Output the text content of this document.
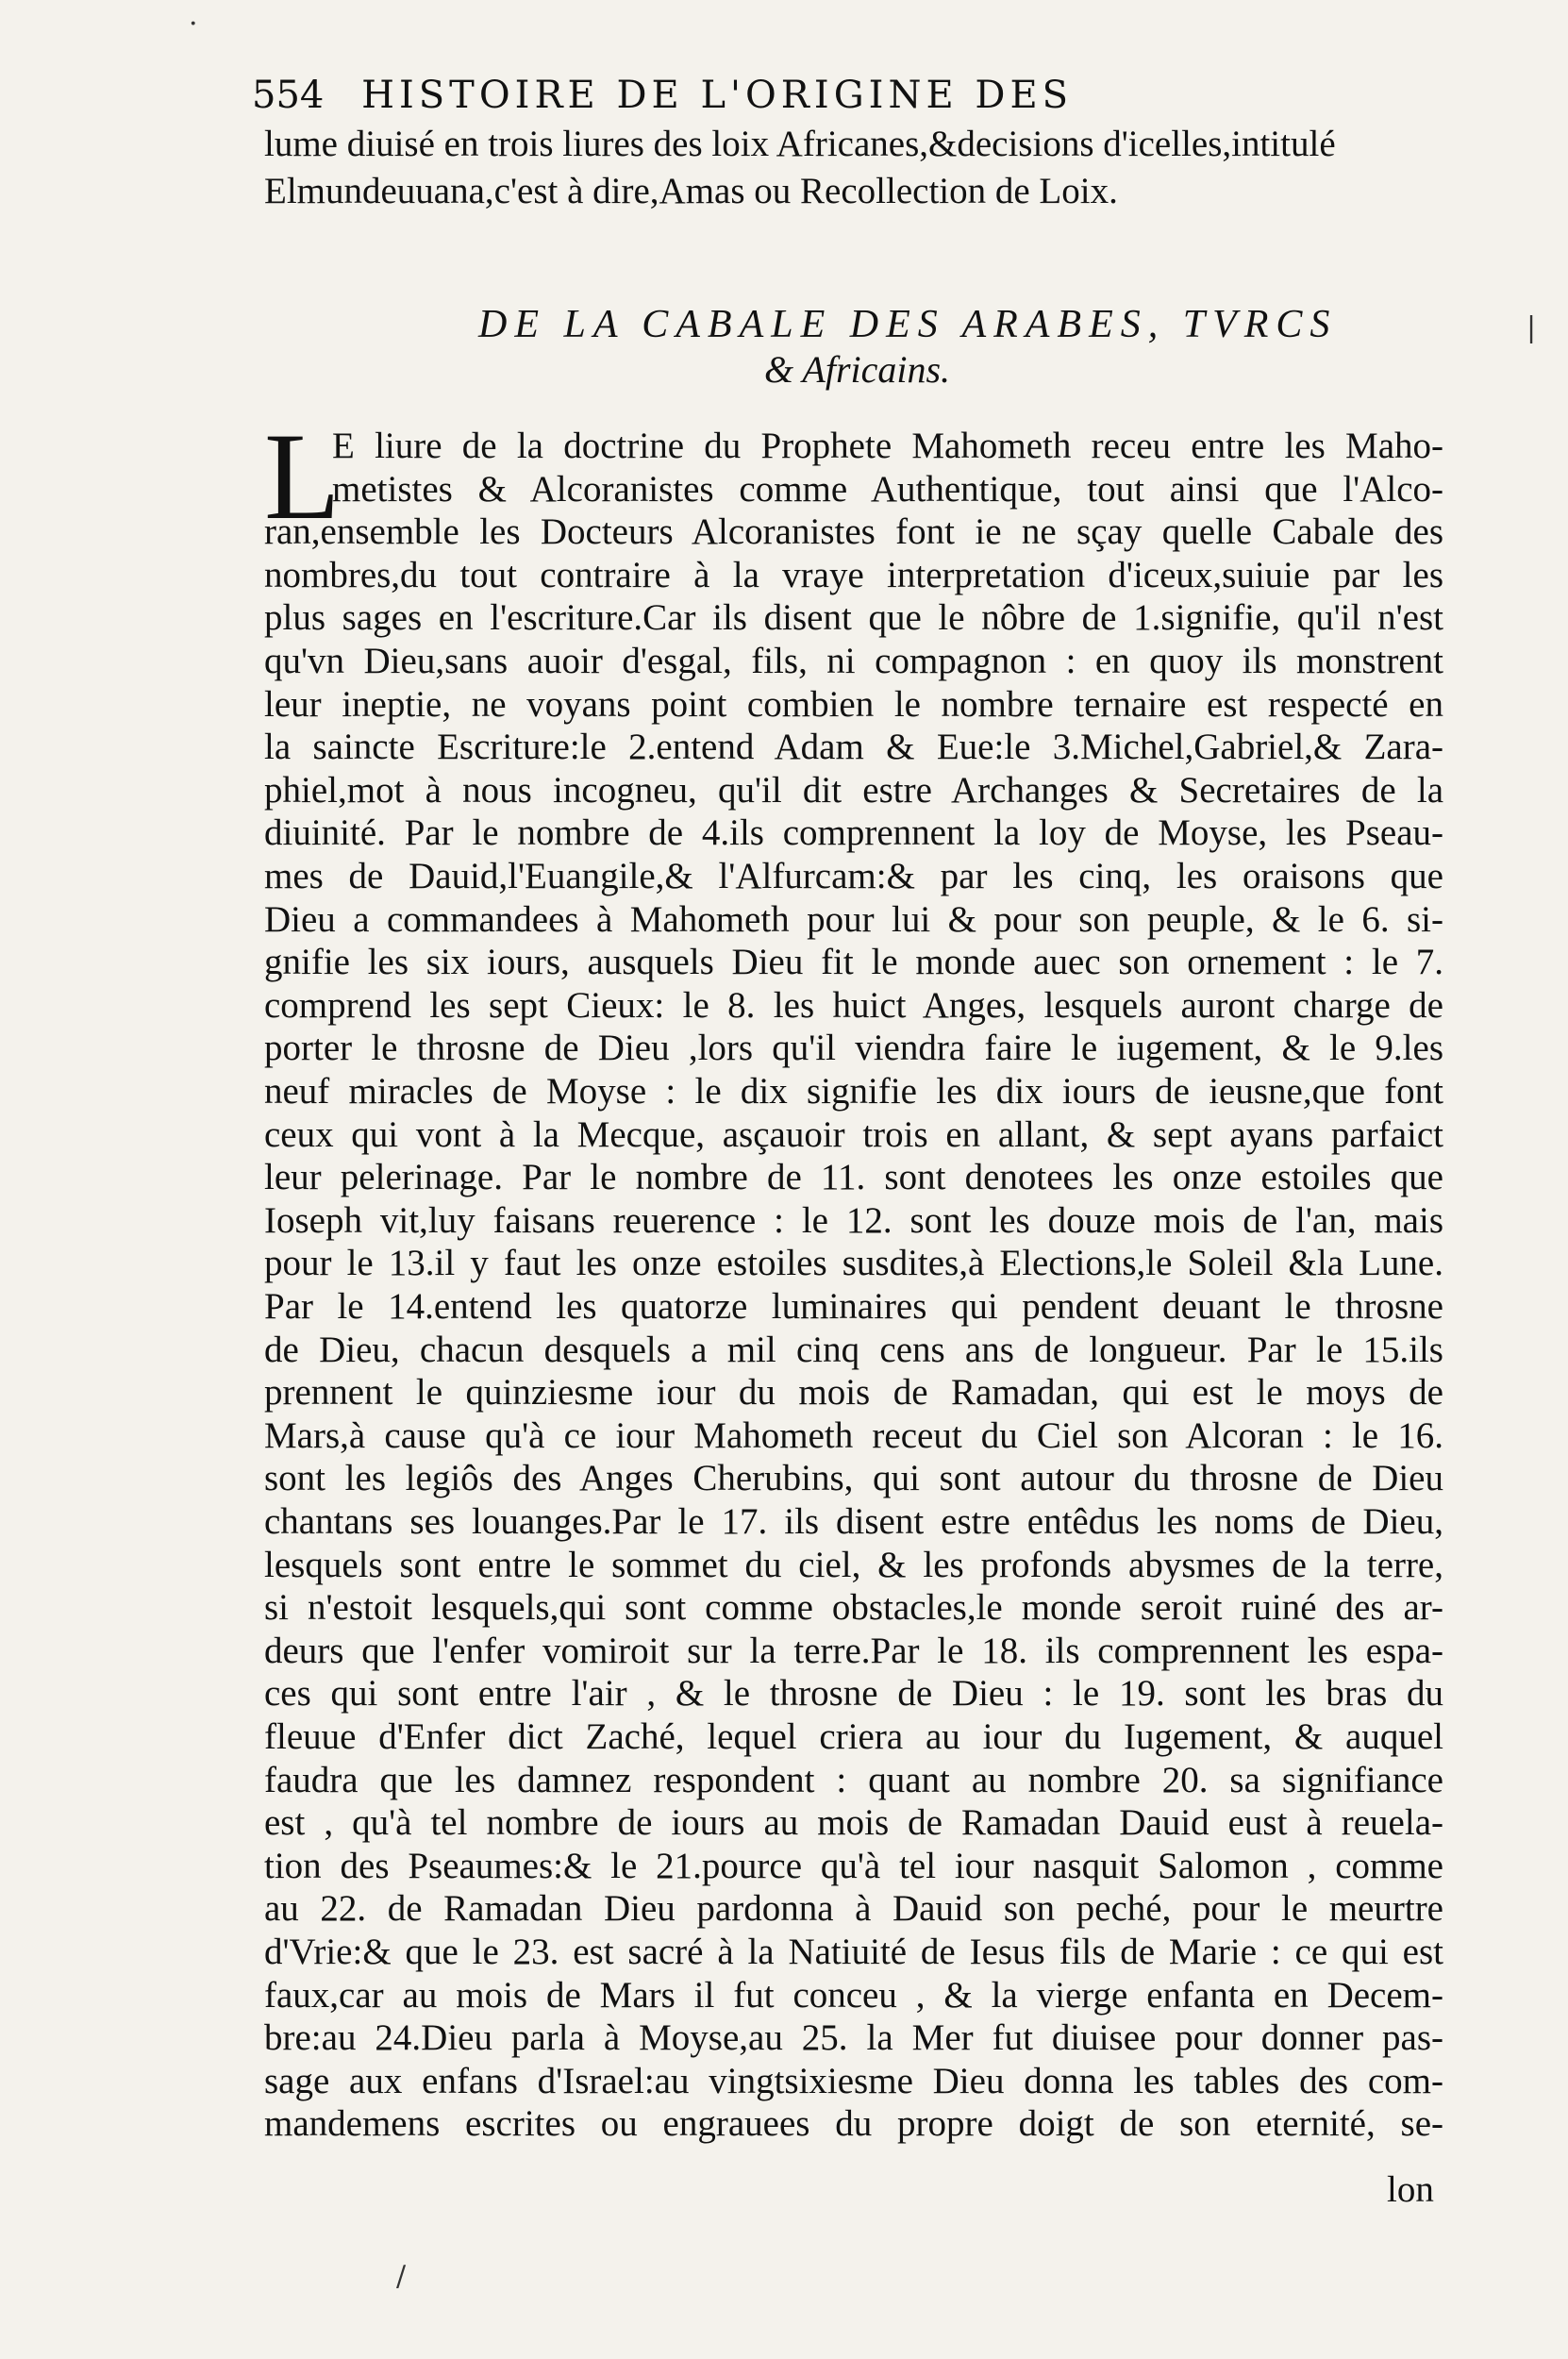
554 HISTOIRE DE L'ORIGINE DES
lume diuisé en trois liures des loix Africanes,&decisions d'icelles,intitulé
Elmundeuuana,c'est à dire,Amas ou Recollection de Loix.
DE LA CABALE DES ARABES, TVRCS
& Africains.
L
E liure de la doctrine du Prophete Mahometh receu entre les Maho-
metistes & Alcoranistes comme Authentique, tout ainsi que l'Alco-
ran,ensemble les Docteurs Alcoranistes font ie ne sçay quelle Cabale des
nombres,du tout contraire à la vraye interpretation d'iceux,suiuie par les
plus sages en l'escriture.Car ils disent que le nôbre de 1.signifie, qu'il n'est
qu'vn Dieu,sans auoir d'esgal, fils, ni compagnon : en quoy ils monstrent
leur ineptie, ne voyans point combien le nombre ternaire est respecté en
la saincte Escriture:le 2.entend Adam & Eue:le 3.Michel,Gabriel,& Zara-
phiel,mot à nous incogneu, qu'il dit estre Archanges & Secretaires de la
diuinité. Par le nombre de 4.ils comprennent la loy de Moyse, les Pseau-
mes de Dauid,l'Euangile,& l'Alfurcam:& par les cinq, les oraisons que
Dieu a commandees à Mahometh pour lui & pour son peuple, & le 6. si-
gnifie les six iours, ausquels Dieu fit le monde auec son ornement : le 7.
comprend les sept Cieux: le 8. les huict Anges, lesquels auront charge de
porter le throsne de Dieu ,lors qu'il viendra faire le iugement, & le 9.les
neuf miracles de Moyse : le dix signifie les dix iours de ieusne,que font
ceux qui vont à la Mecque, asçauoir trois en allant, & sept ayans parfaict
leur pelerinage. Par le nombre de 11. sont denotees les onze estoiles que
Ioseph vit,luy faisans reuerence : le 12. sont les douze mois de l'an, mais
pour le 13.il y faut les onze estoiles susdites,à Elections,le Soleil &la Lune.
Par le 14.entend les quatorze luminaires qui pendent deuant le throsne
de Dieu, chacun desquels a mil cinq cens ans de longueur. Par le 15.ils
prennent le quinziesme iour du mois de Ramadan, qui est le moys de
Mars,à cause qu'à ce iour Mahometh receut du Ciel son Alcoran : le 16.
sont les legiôs des Anges Cherubins, qui sont autour du throsne de Dieu
chantans ses louanges.Par le 17. ils disent estre entêdus les noms de Dieu,
lesquels sont entre le sommet du ciel, & les profonds abysmes de la terre,
si n'estoit lesquels,qui sont comme obstacles,le monde seroit ruiné des ar-
deurs que l'enfer vomiroit sur la terre.Par le 18. ils comprennent les espa-
ces qui sont entre l'air , & le throsne de Dieu : le 19. sont les bras du
fleuue d'Enfer dict Zaché, lequel criera au iour du Iugement, & auquel
faudra que les damnez respondent : quant au nombre 20. sa signifiance
est , qu'à tel nombre de iours au mois de Ramadan Dauid eust à reuela-
tion des Pseaumes:& le 21.pource qu'à tel iour nasquit Salomon , comme
au 22. de Ramadan Dieu pardonna à Dauid son peché, pour le meurtre
d'Vrie:& que le 23. est sacré à la Natiuité de Iesus fils de Marie : ce qui est
faux,car au mois de Mars il fut conceu , & la vierge enfanta en Decem-
bre:au 24.Dieu parla à Moyse,au 25. la Mer fut diuisee pour donner pas-
sage aux enfans d'Israel:au vingtsixiesme Dieu donna les tables des com-
mandemens escrites ou engrauees du propre doigt de son eternité, se-
lon
|
/
·
